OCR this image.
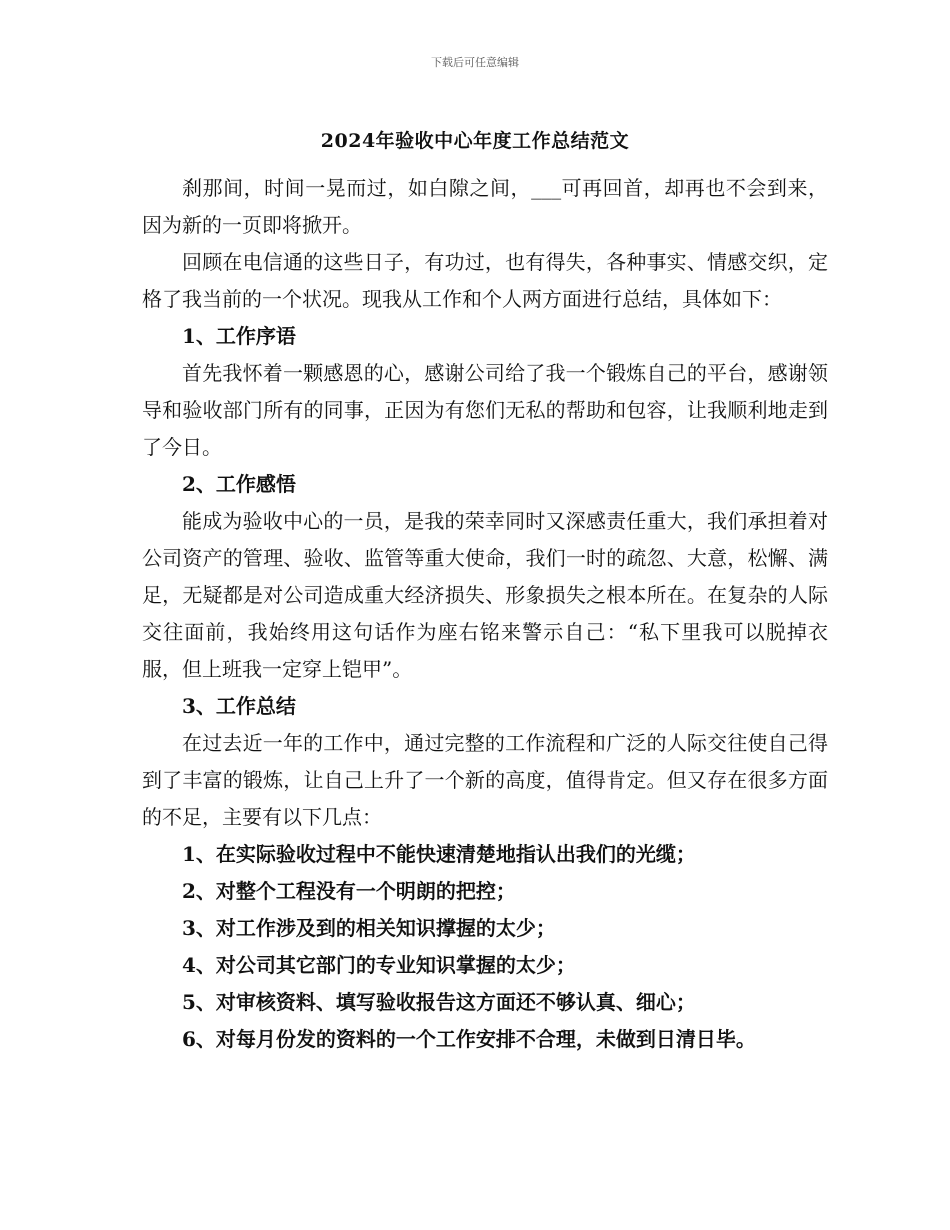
下载后可任意编辑
2024年验收中心年度工作总结范文

刹那间，时间一晃而过，如白隙之间，___可再回首，却再也不会到来，因为新的一页即将掀开。

回顾在电信通的这些日子，有功过，也有得失，各种事实、情感交织，定格了我当前的一个状况。现我从工作和个人两方面进行总结，具体如下：

1、工作序语

首先我怀着一颗感恩的心，感谢公司给了我一个锻炼自己的平台，感谢领导和验收部门所有的同事，正因为有您们无私的帮助和包容，让我顺利地走到了今日。

2、工作感悟

能成为验收中心的一员，是我的荣幸同时又深感责任重大，我们承担着对公司资产的管理、验收、监管等重大使命，我们一时的疏忽、大意，松懈、满足，无疑都是对公司造成重大经济损失、形象损失之根本所在。在复杂的人际交往面前，我始终用这句话作为座右铭来警示自己：“私下里我可以脱掉衣服，但上班我一定穿上铠甲”。

3、工作总结

在过去近一年的工作中，通过完整的工作流程和广泛的人际交往使自己得到了丰富的锻炼，让自己上升了一个新的高度，值得肯定。但又存在很多方面的不足，主要有以下几点：

1、在实际验收过程中不能快速清楚地指认出我们的光缆；

2、对整个工程没有一个明朗的把控；

3、对工作涉及到的相关知识撑握的太少；

4、对公司其它部门的专业知识掌握的太少；

5、对审核资料、填写验收报告这方面还不够认真、细心；

6、对每月份发的资料的一个工作安排不合理，未做到日清日毕。
